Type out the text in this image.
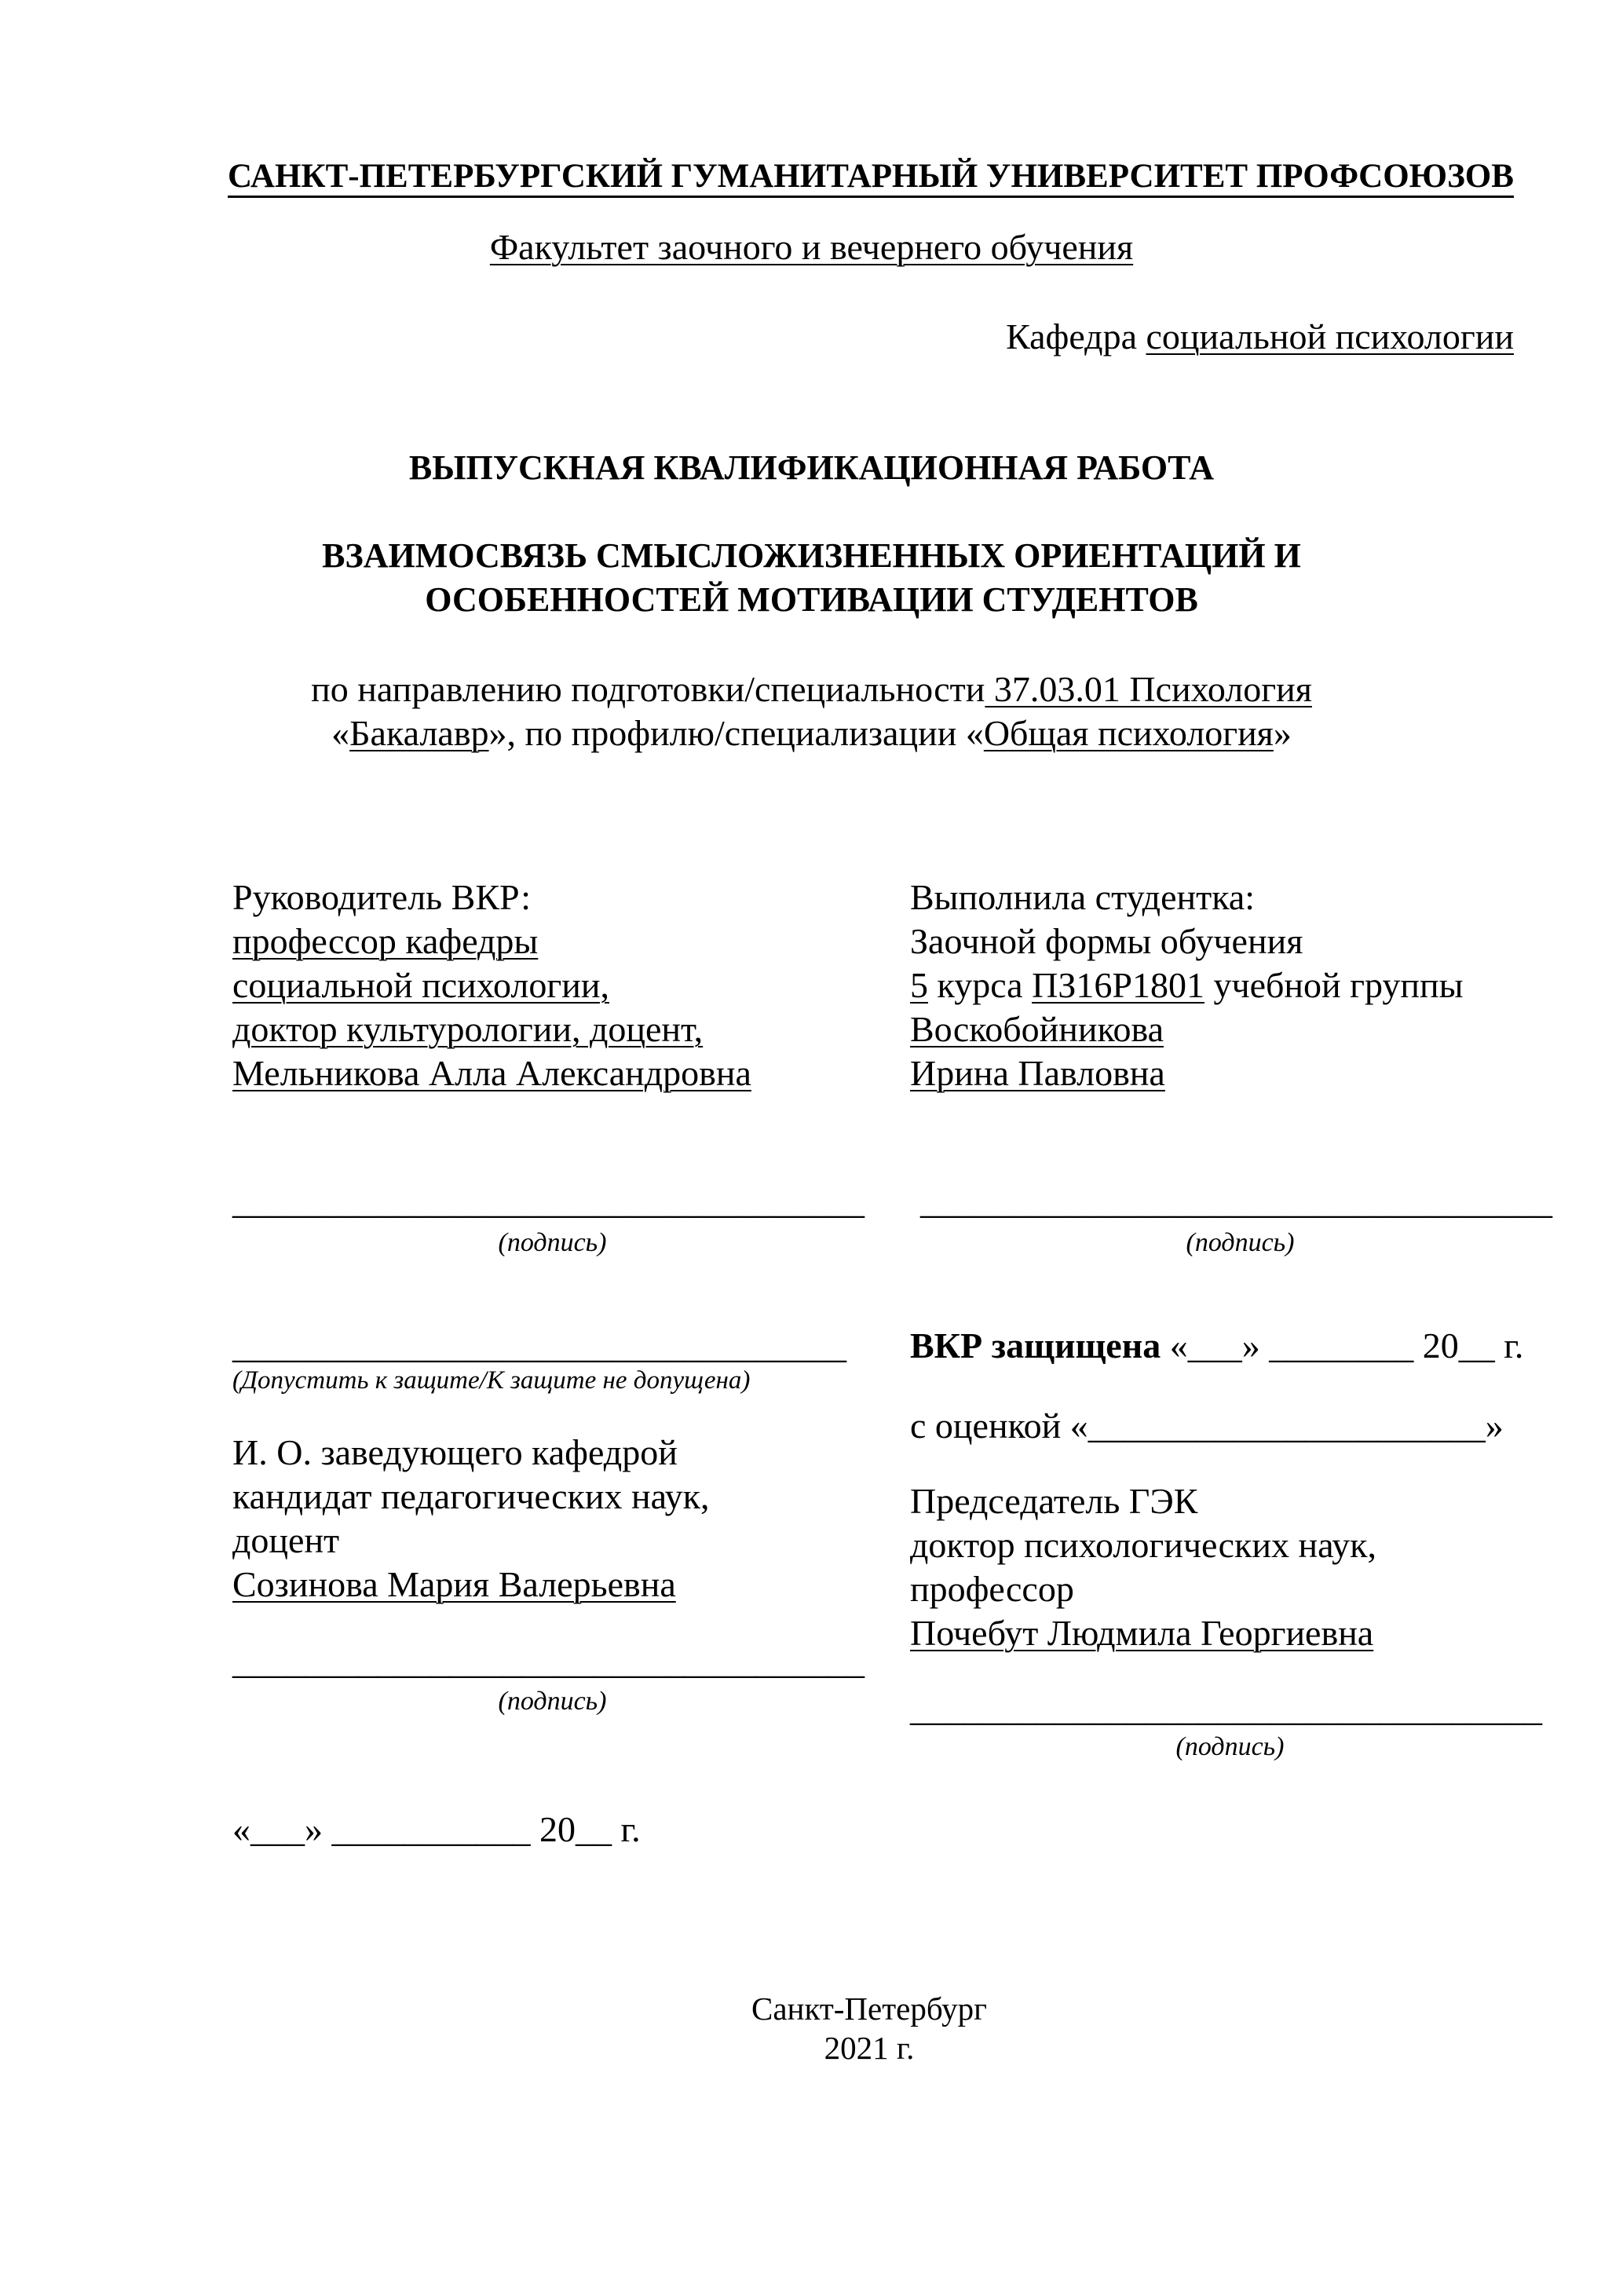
САНКТ-ПЕТЕРБУРГСКИЙ ГУМАНИТАРНЫЙ УНИВЕРСИТЕТ ПРОФСОЮЗОВ
Факультет заочного и вечернего обучения
Кафедра социальной психологии
ВЫПУСКНАЯ КВАЛИФИКАЦИОННАЯ РАБОТА
ВЗАИМОСВЯЗЬ СМЫСЛОЖИЗНЕННЫХ ОРИЕНТАЦИЙ И
ОСОБЕННОСТЕЙ МОТИВАЦИИ СТУДЕНТОВ
по направлению подготовки/специальности 37.03.01 Психология
«Бакалавр», по профилю/специализации «Общая психология»
Руководитель ВКР:
профессор кафедры
социальной психологии,
доктор культурологии, доцент,
Мельникова Алла Александровна
Выполнила студентка:
Заочной формы обучения
5 курса ПЗ16Р1801 учебной группы
Воскобойникова
Ирина Павловна
___________________________________
(подпись)
___________________________________
(подпись)
__________________________________
(Допустить к защите/К защите не допущена)
И. О. заведующего кафедрой
кандидат педагогических наук,
доцент
Созинова Мария Валерьевна
___________________________________
(подпись)
ВКР защищена «___» ________ 20__ г.
с оценкой «______________________»
Председатель ГЭК
доктор психологических наук,
профессор
Почебут Людмила Георгиевна
___________________________________
(подпись)
«___» ___________ 20__ г.
Санкт-Петербург
2021 г.
